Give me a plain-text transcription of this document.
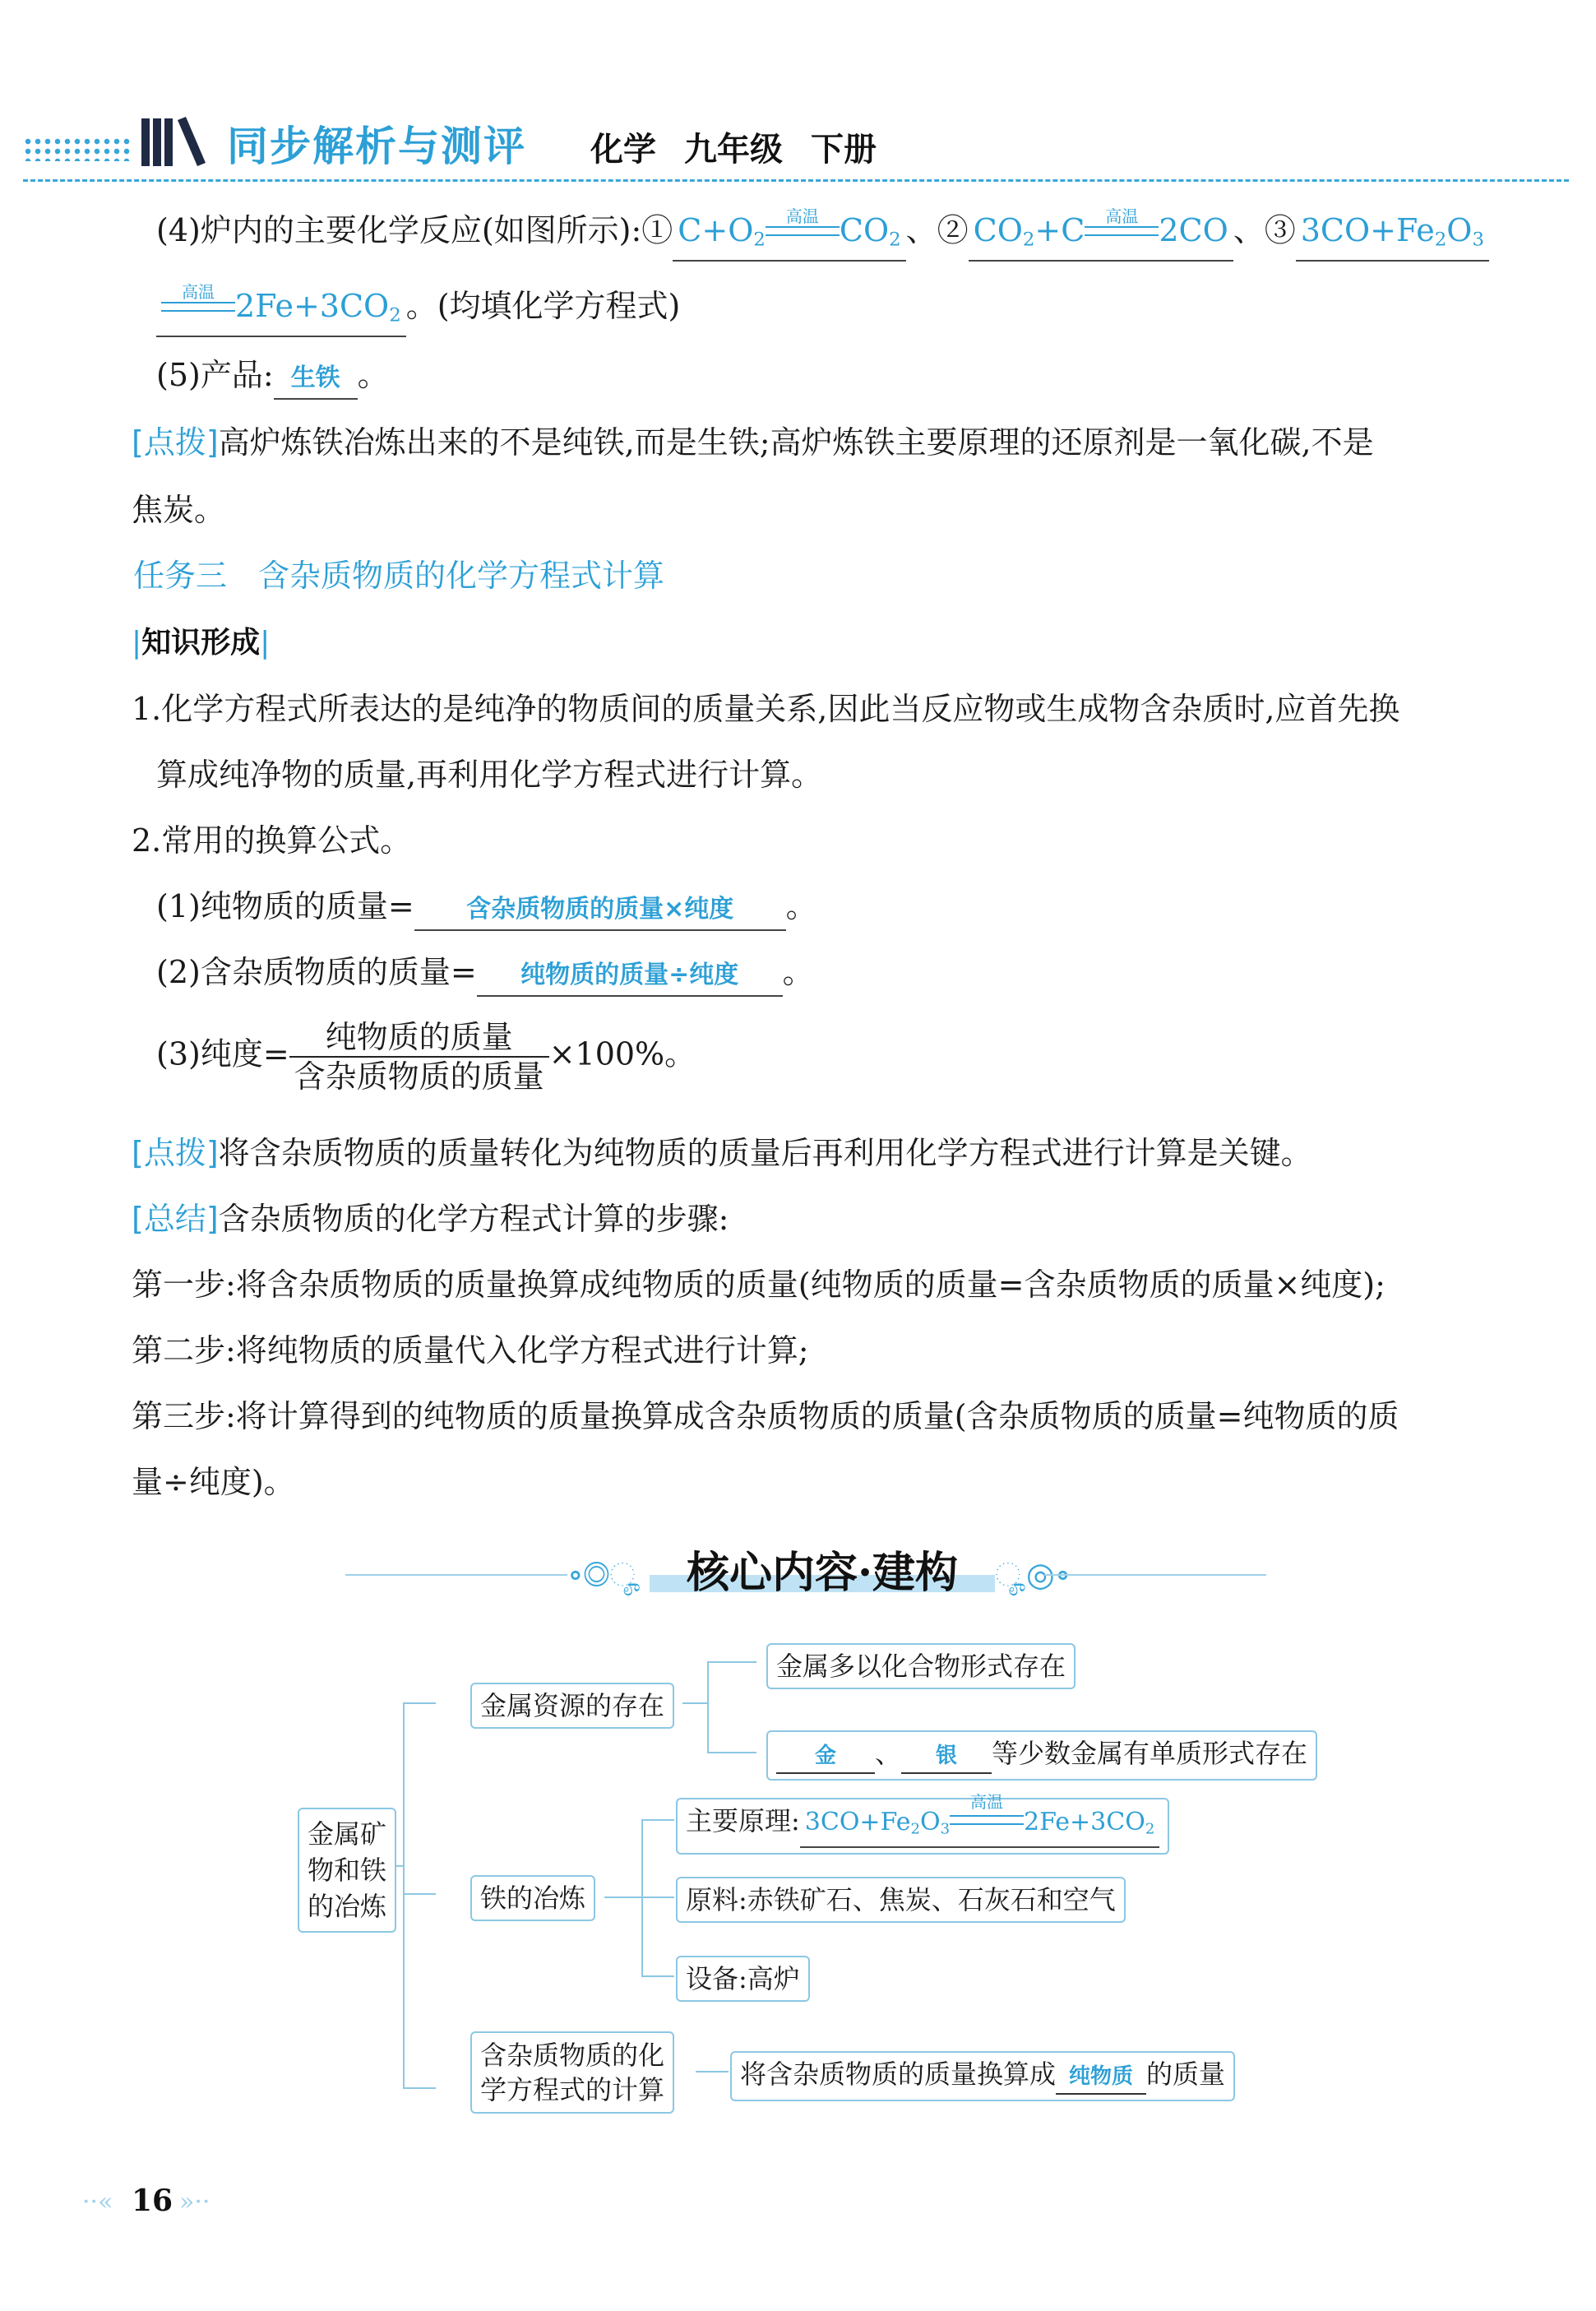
同步解析与测评 化学 九年级 下册
(4)炉内的主要化学反应(如图所示):① $C+O_2$
高温 $CO_2$ 、② $CO_2+C$	高温 2CO 、③ $3CO+Fe_2O_3$
高温 $2Fe+3CO_2$ 。(均填化学方程式)
(5)产品: 生铁 。
[点拨]高炉炼铁冶炼出来的不是纯铁,而是生铁;高炉炼铁主要原理的还原剂是一氧化碳,不是
焦炭。
任务三　含杂质物质的化学方程式计算
|知识形成|
1.化学方程式所表达的是纯净的物质间的质量关系,因此当反应物或生成物含杂质时,应首先换
算成纯净物的质量,再利用化学方程式进行计算。
2.常用的换算公式。
(1)纯物质的质量= 含杂质物质的质量×纯度 。
(2)含杂质物质的质量= 纯物质的质量÷纯度 。
(3)纯度= $\frac{\text{纯物质的质量}}{\text{含杂质物质的质量}} \times 100\%$。
[点拨]将含杂质物质的质量转化为纯物质的质量后再利用化学方程式进行计算是关键。
[总结]含杂质物质的化学方程式计算的步骤:
第一步:将含杂质物质的质量换算成纯物质的质量(纯物质的质量=含杂质物质的质量×纯度);
第二步:将纯物质的质量代入化学方程式进行计算;
第三步:将计算得到的纯物质的质量换算成含杂质物质的质量(含杂质物质的质量=纯物质的质
量÷纯度)。
∘◎ೄ	核心内容·建构	ೄ◎∘
金属矿
物和铁
的冶炼
金属资源的存在
金属多以化合物形式存在
金 、 银 等少数金属有单质形式存在
铁的冶炼
主要原理: $3CO+Fe_2O_3$
高温
$2Fe+3CO_2$
原料:赤铁矿石、焦炭、石灰石和空气
设备:高炉
含杂质物质的化
学方程式的计算	将含杂质物质的质量换算成 纯物质 的质量
··« 16 »··
